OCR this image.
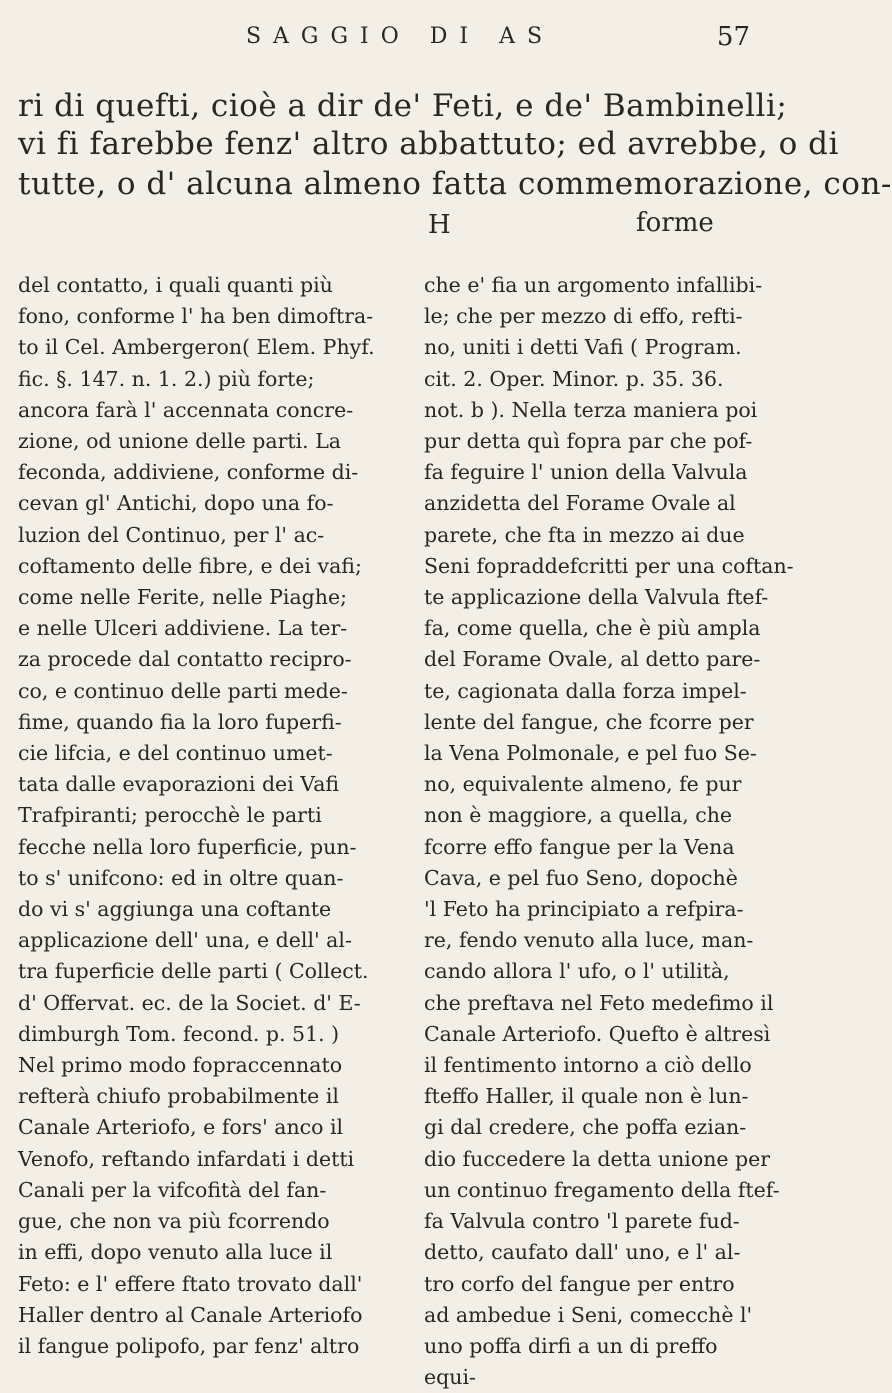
SAGGIO DI AS	57
ri di quefti, cioè a dir de' Feti, e de' Bambinelli;
vi fi farebbe fenz' altro abbattuto; ed avrebbe, o di
tutte, o d' alcuna almeno fatta commemorazione, con-
H	forme
del contatto, i quali quanti più
fono, conforme l' ha ben dimoftra-
to il Cel. Ambergeron( Elem. Phyf.
fic. §. 147. n. 1. 2.) più forte;
ancora farà l' accennata concre-
zione, od unione delle parti. La
feconda, addiviene, conforme di-
cevan gl' Antichi, dopo una fo-
luzion del Continuo, per l' ac-
coftamento delle fibre, e dei vafi;
come nelle Ferite, nelle Piaghe;
e nelle Ulceri addiviene. La ter-
za procede dal contatto recipro-
co, e continuo delle parti mede-
fime, quando fia la loro fuperfi-
cie lifcia, e del continuo umet-
tata dalle evaporazioni dei Vafi
Trafpiranti; perocchè le parti
fecche nella loro fuperficie, pun-
to s' unifcono: ed in oltre quan-
do vi s' aggiunga una coftante
applicazione dell' una, e dell' al-
tra fuperficie delle parti ( Collect.
d' Offervat. ec. de la Societ. d' E-
dimburgh Tom. fecond. p. 51. )
Nel primo modo fopraccennato
refterà chiufo probabilmente il
Canale Arteriofo, e fors' anco il
Venofo, reftando infardati i detti
Canali per la vifcofità del fan-
gue, che non va più fcorrendo
in effi, dopo venuto alla luce il
Feto: e l' effere ftato trovato dall'
Haller dentro al Canale Arteriofo
il fangue polipofo, par fenz' altro
che e' fia un argomento infallibi-
le; che per mezzo di effo, refti-
no, uniti i detti Vafi ( Program.
cit. 2. Oper. Minor. p. 35. 36.
not. b ). Nella terza maniera poi
pur detta quì fopra par che pof-
fa feguire l' union della Valvula
anzidetta del Forame Ovale al
parete, che fta in mezzo ai due
Seni fopraddefcritti per una coftan-
te applicazione della Valvula ftef-
fa, come quella, che è più ampla
del Forame Ovale, al detto pare-
te, cagionata dalla forza impel-
lente del fangue, che fcorre per
la Vena Polmonale, e pel fuo Se-
no, equivalente almeno, fe pur
non è maggiore, a quella, che
fcorre effo fangue per la Vena
Cava, e pel fuo Seno, dopochè
'l Feto ha principiato a refpira-
re, fendo venuto alla luce, man-
cando allora l' ufo, o l' utilità,
che preftava nel Feto medefimo il
Canale Arteriofo. Quefto è altresì
il fentimento intorno a ciò dello
fteffo Haller, il quale non è lun-
gi dal credere, che poffa ezian-
dio fuccedere la detta unione per
un continuo fregamento della ftef-
fa Valvula contro 'l parete fud-
detto, caufato dall' uno, e l' al-
tro corfo del fangue per entro
ad ambedue i Seni, comecchè l'
uno poffa dirfi a un di preffo
equi-
